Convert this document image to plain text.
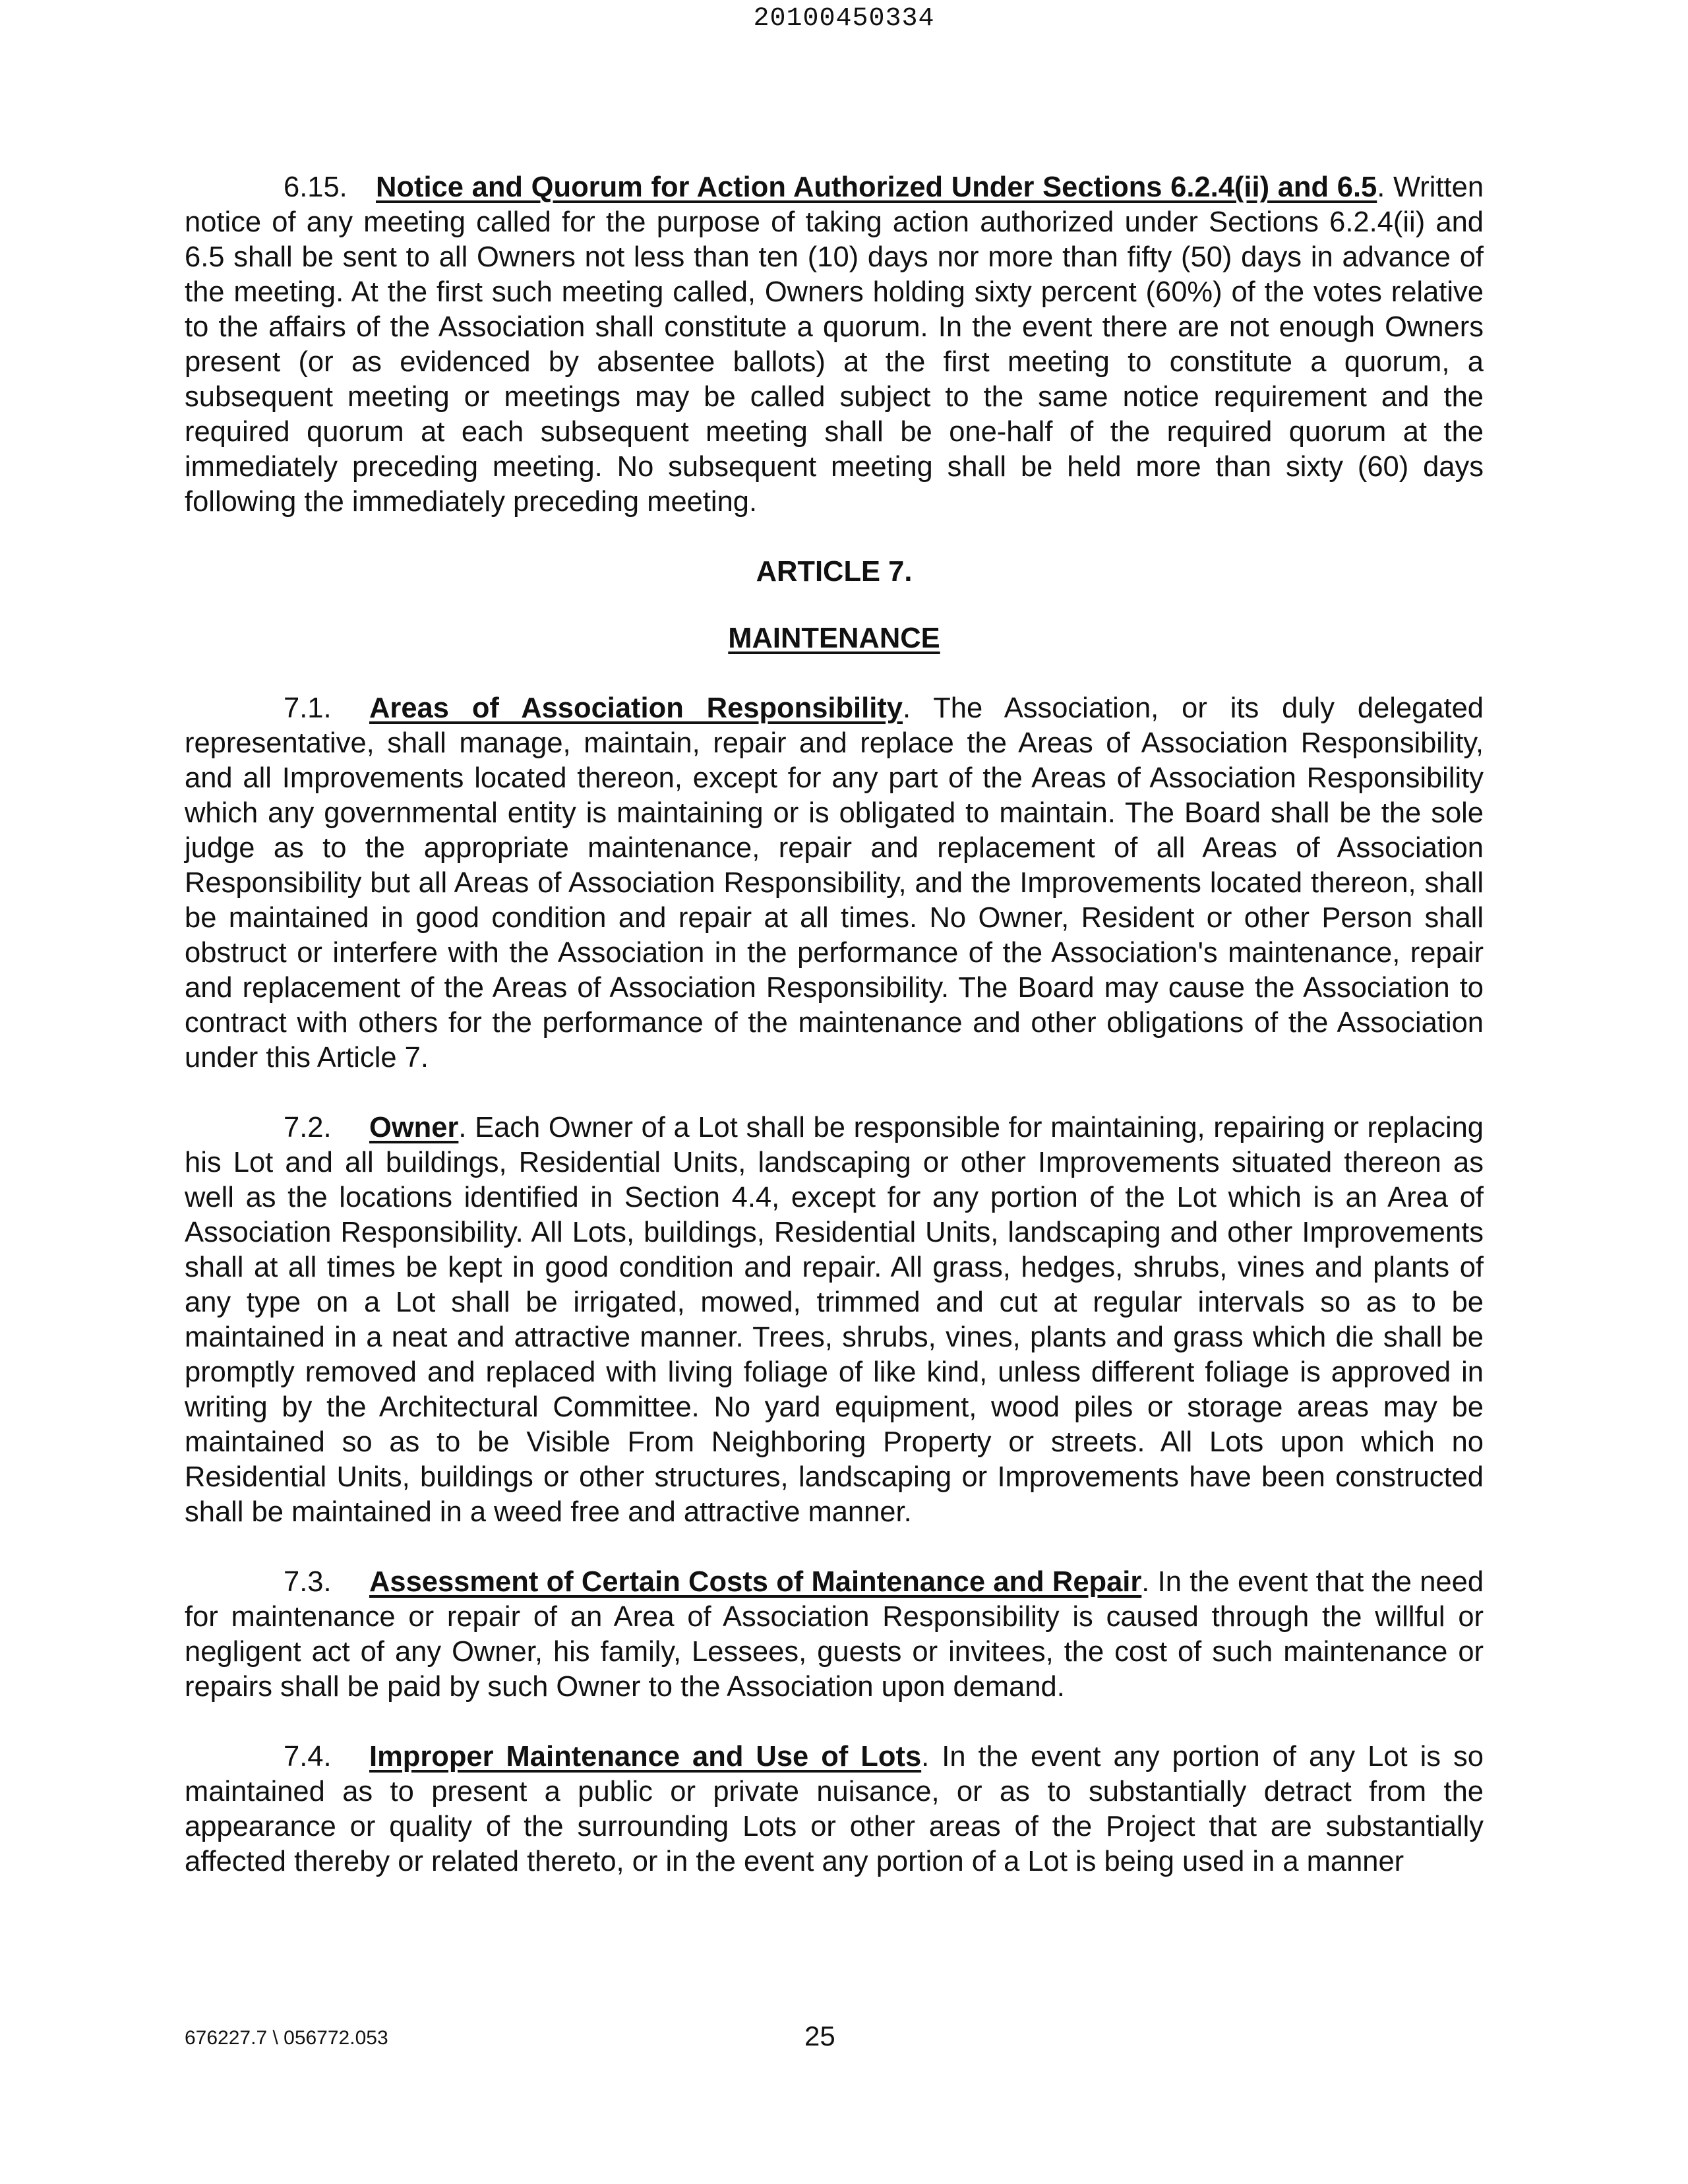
20100450334

6.15. Notice and Quorum for Action Authorized Under Sections 6.2.4(ii) and 6.5. Written notice of any meeting called for the purpose of taking action authorized under Sections 6.2.4(ii) and 6.5 shall be sent to all Owners not less than ten (10) days nor more than fifty (50) days in advance of the meeting. At the first such meeting called, Owners holding sixty percent (60%) of the votes relative to the affairs of the Association shall constitute a quorum. In the event there are not enough Owners present (or as evidenced by absentee ballots) at the first meeting to constitute a quorum, a subsequent meeting or meetings may be called subject to the same notice requirement and the required quorum at each subsequent meeting shall be one-half of the required quorum at the immediately preceding meeting. No subsequent meeting shall be held more than sixty (60) days following the immediately preceding meeting.

ARTICLE 7.

MAINTENANCE

7.1. Areas of Association Responsibility. The Association, or its duly delegated representative, shall manage, maintain, repair and replace the Areas of Association Responsibility, and all Improvements located thereon, except for any part of the Areas of Association Responsibility which any governmental entity is maintaining or is obligated to maintain. The Board shall be the sole judge as to the appropriate maintenance, repair and replacement of all Areas of Association Responsibility but all Areas of Association Responsibility, and the Improvements located thereon, shall be maintained in good condition and repair at all times. No Owner, Resident or other Person shall obstruct or interfere with the Association in the performance of the Association's maintenance, repair and replacement of the Areas of Association Responsibility. The Board may cause the Association to contract with others for the performance of the maintenance and other obligations of the Association under this Article 7.

7.2. Owner. Each Owner of a Lot shall be responsible for maintaining, repairing or replacing his Lot and all buildings, Residential Units, landscaping or other Improvements situated thereon as well as the locations identified in Section 4.4, except for any portion of the Lot which is an Area of Association Responsibility. All Lots, buildings, Residential Units, landscaping and other Improvements shall at all times be kept in good condition and repair. All grass, hedges, shrubs, vines and plants of any type on a Lot shall be irrigated, mowed, trimmed and cut at regular intervals so as to be maintained in a neat and attractive manner. Trees, shrubs, vines, plants and grass which die shall be promptly removed and replaced with living foliage of like kind, unless different foliage is approved in writing by the Architectural Committee. No yard equipment, wood piles or storage areas may be maintained so as to be Visible From Neighboring Property or streets. All Lots upon which no Residential Units, buildings or other structures, landscaping or Improvements have been constructed shall be maintained in a weed free and attractive manner.

7.3. Assessment of Certain Costs of Maintenance and Repair. In the event that the need for maintenance or repair of an Area of Association Responsibility is caused through the willful or negligent act of any Owner, his family, Lessees, guests or invitees, the cost of such maintenance or repairs shall be paid by such Owner to the Association upon demand.

7.4. Improper Maintenance and Use of Lots. In the event any portion of any Lot is so maintained as to present a public or private nuisance, or as to substantially detract from the appearance or quality of the surrounding Lots or other areas of the Project that are substantially affected thereby or related thereto, or in the event any portion of a Lot is being used in a manner

676227.7 \ 056772.053	25
